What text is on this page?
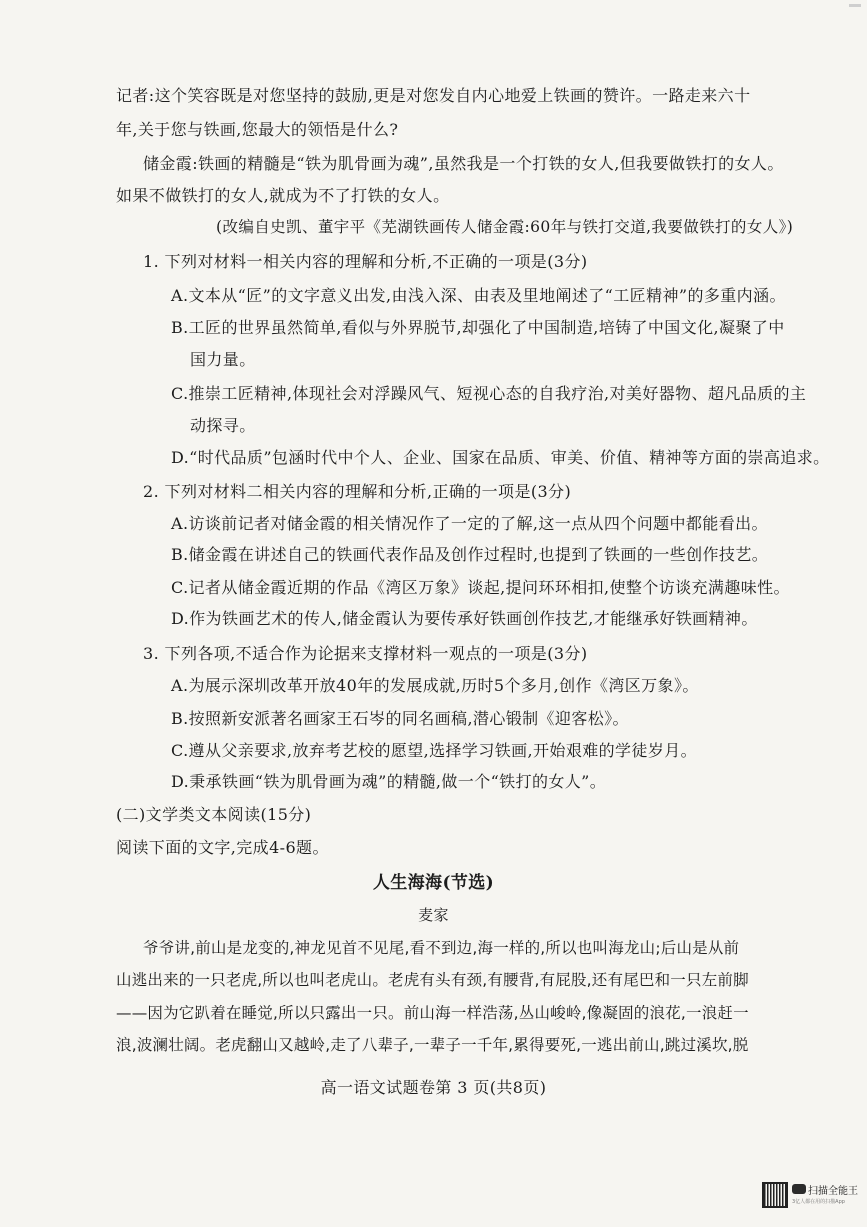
记者:这个笑容既是对您坚持的鼓励,更是对您发自内心地爱上铁画的赞许。一路走来六十
年,关于您与铁画,您最大的领悟是什么?
储金霞:铁画的精髓是“铁为肌骨画为魂”,虽然我是一个打铁的女人,但我要做铁打的女人。
如果不做铁打的女人,就成为不了打铁的女人。
(改编自史凯、董宇平《芜湖铁画传人储金霞:60年与铁打交道,我要做铁打的女人》)
1. 下列对材料一相关内容的理解和分析,不正确的一项是(3分)
A.文本从“匠”的文字意义出发,由浅入深、由表及里地阐述了“工匠精神”的多重内涵。
B.工匠的世界虽然简单,看似与外界脱节,却强化了中国制造,培铸了中国文化,凝聚了中
国力量。
C.推崇工匠精神,体现社会对浮躁风气、短视心态的自我疗治,对美好器物、超凡品质的主
动探寻。
D.“时代品质”包涵时代中个人、企业、国家在品质、审美、价值、精神等方面的崇高追求。
2. 下列对材料二相关内容的理解和分析,正确的一项是(3分)
A.访谈前记者对储金霞的相关情况作了一定的了解,这一点从四个问题中都能看出。
B.储金霞在讲述自己的铁画代表作品及创作过程时,也提到了铁画的一些创作技艺。
C.记者从储金霞近期的作品《湾区万象》谈起,提问环环相扣,使整个访谈充满趣味性。
D.作为铁画艺术的传人,储金霞认为要传承好铁画创作技艺,才能继承好铁画精神。
3. 下列各项,不适合作为论据来支撑材料一观点的一项是(3分)
A.为展示深圳改革开放40年的发展成就,历时5个多月,创作《湾区万象》。
B.按照新安派著名画家王石岑的同名画稿,潜心锻制《迎客松》。
C.遵从父亲要求,放弃考艺校的愿望,选择学习铁画,开始艰难的学徒岁月。
D.秉承铁画“铁为肌骨画为魂”的精髓,做一个“铁打的女人”。
(二)文学类文本阅读(15分)
阅读下面的文字,完成4-6题。
人生海海(节选)
麦家
爷爷讲,前山是龙变的,神龙见首不见尾,看不到边,海一样的,所以也叫海龙山;后山是从前
山逃出来的一只老虎,所以也叫老虎山。老虎有头有颈,有腰背,有屁股,还有尾巴和一只左前脚
——因为它趴着在睡觉,所以只露出一只。前山海一样浩荡,丛山峻岭,像凝固的浪花,一浪赶一
浪,波澜壮阔。老虎翻山又越岭,走了八辈子,一辈子一千年,累得要死,一逃出前山,跳过溪坎,脱
高一语文试题卷第 3 页(共8页)
扫描全能王
3亿人都在用的扫描App
